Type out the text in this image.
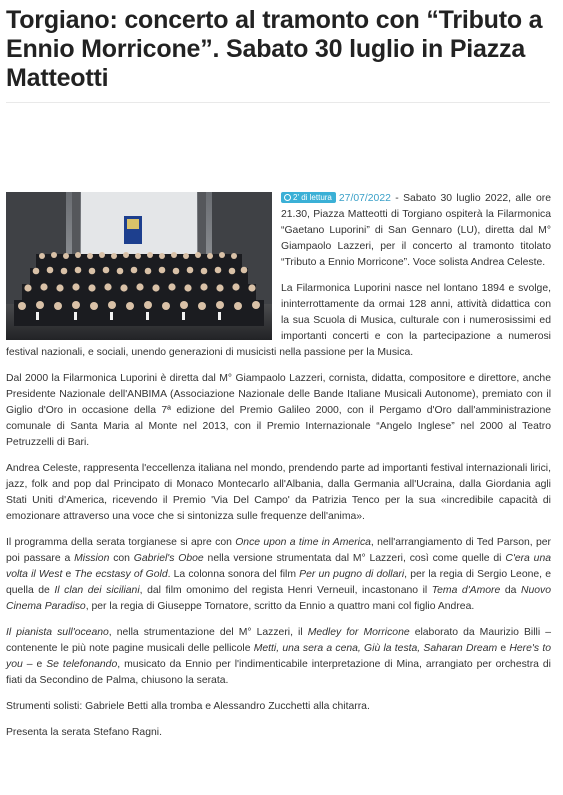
Torgiano: concerto al tramonto con “Tributo a Ennio Morricone”. Sabato 30 luglio in Piazza Matteotti

2' di lettura 27/07/2022 - Sabato 30 luglio 2022, alle ore 21.30, Piazza Matteotti di Torgiano ospiterà la Filarmonica “Gaetano Luporini” di San Gennaro (LU), diretta dal M° Giampaolo Lazzeri, per il concerto al tramonto titolato “Tributo a Ennio Morricone”. Voce solista Andrea Celeste.

La Filarmonica Luporini nasce nel lontano 1894 e svolge, ininterrottamente da ormai 128 anni, attività didattica con la sua Scuola di Musica, culturale con i numerosissimi ed importanti concerti e con la partecipazione a numerosi festival nazionali, e sociali, unendo generazioni di musicisti nella passione per la Musica.

Dal 2000 la Filarmonica Luporini è diretta dal M° Giampaolo Lazzeri, cornista, didatta, compositore e direttore, anche Presidente Nazionale dell'ANBIMA (Associazione Nazionale delle Bande Italiane Musicali Autonome), premiato con il Giglio d'Oro in occasione della 7ª edizione del Premio Galileo 2000, con il Pergamo d'Oro dall'amministrazione comunale di Santa Maria al Monte nel 2013, con il Premio Internazionale “Angelo Inglese” nel 2000 al Teatro Petruzzelli di Bari.

Andrea Celeste, rappresenta l'eccellenza italiana nel mondo, prendendo parte ad importanti festival internazionali lirici, jazz, folk and pop dal Principato di Monaco Montecarlo all'Albania, dalla Germania all'Ucraina, dalla Giordania agli Stati Uniti d'America, ricevendo il Premio 'Via Del Campo' da Patrizia Tenco per la sua «incredibile capacità di emozionare attraverso una voce che si sintonizza sulle frequenze dell'anima».

Il programma della serata torgianese si apre con Once upon a time in America, nell'arrangiamento di Ted Parson, per poi passare a Mission con Gabriel's Oboe nella versione strumentata dal M° Lazzeri, così come quelle di C'era una volta il West e The ecstasy of Gold. La colonna sonora del film Per un pugno di dollari, per la regia di Sergio Leone, e quella de Il clan dei siciliani, dal film omonimo del regista Henri Verneuil, incastonano il Tema d'Amore da Nuovo Cinema Paradiso, per la regia di Giuseppe Tornatore, scritto da Ennio a quattro mani col figlio Andrea.

Il pianista sull'oceano, nella strumentazione del M° Lazzeri, il Medley for Morricone elaborato da Maurizio Billi – contenente le più note pagine musicali delle pellicole Metti, una sera a cena, Giù la testa, Saharan Dream e Here's to you – e Se telefonando, musicato da Ennio per l'indimenticabile interpretazione di Mina, arrangiato per orchestra di fiati da Secondino de Palma, chiusono la serata.

Strumenti solisti: Gabriele Betti alla tromba e Alessandro Zucchetti alla chitarra.

Presenta la serata Stefano Ragni.
